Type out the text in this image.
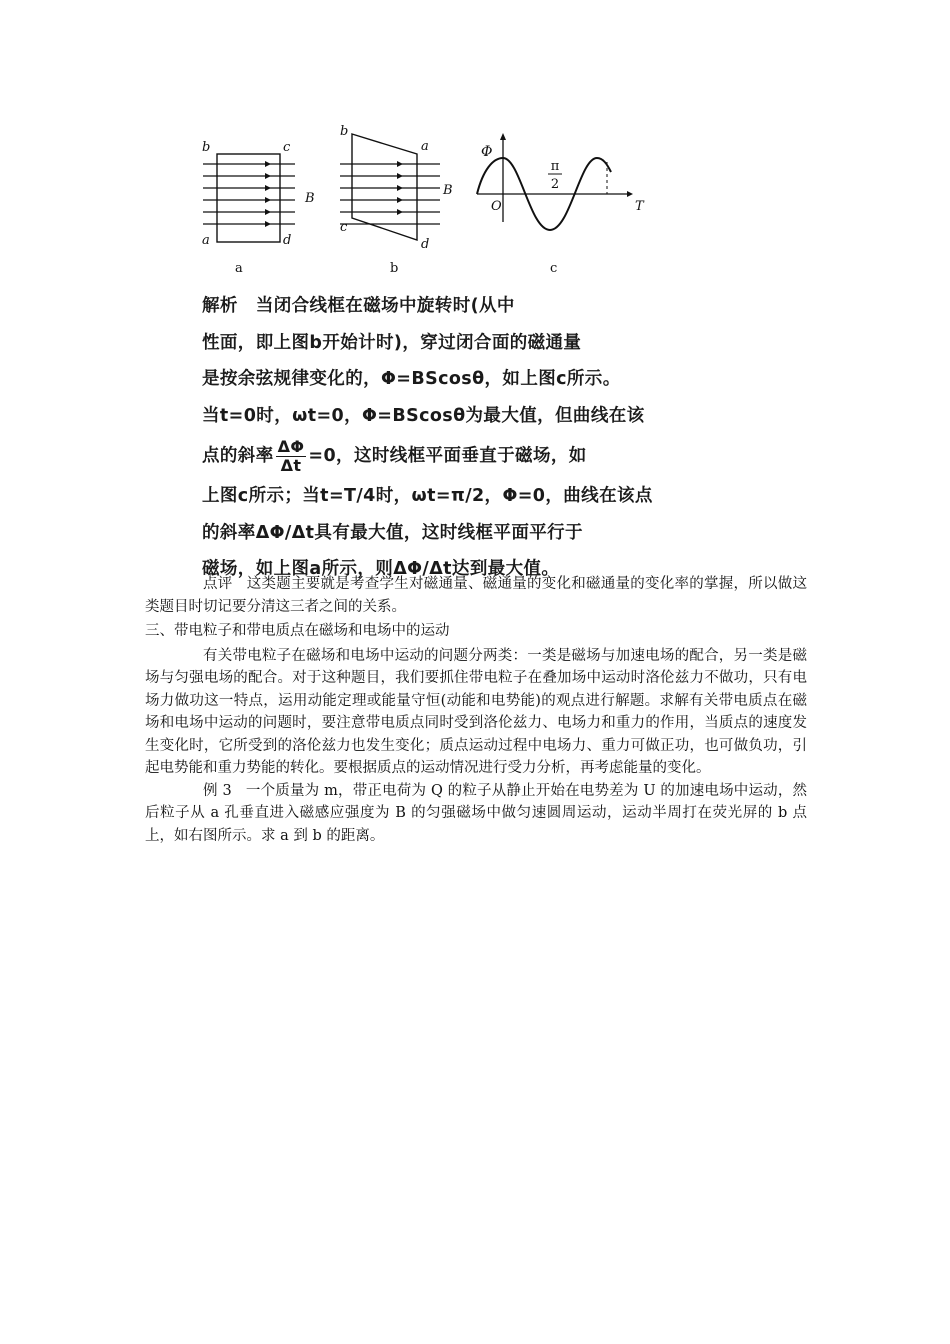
b	c
a	d
B
b
a
c
d
B
Φ
T
O
π
2
a	b	c

解析 当闭合线框在磁场中旋转时(从中

性面，即上图b开始计时)，穿过闭合面的磁通量

是按余弦规律变化的，Φ=BScosθ，如上图c所示。

当t=0时，ωt=0，Φ=BScosθ为最大值，但曲线在该

点的斜率 $\frac{\Delta\Phi}{\Delta t} =0$，这时线框平面垂直于磁场，如

上图c所示；当t=T/4时，ωt=π/2，Φ=0，曲线在该点

的斜率ΔΦ/Δt具有最大值，这时线框平面平行于

磁场，如上图a所示，则ΔΦ/Δt达到最大值。

点评 这类题主要就是考查学生对磁通量、磁通量的变化和磁通量的变化率的掌握，所以做这类题目时切记要分清这三者之间的关系。

三、带电粒子和带电质点在磁场和电场中的运动

有关带电粒子在磁场和电场中运动的问题分两类：一类是磁场与加速电场的配合，另一类是磁场与匀强电场的配合。对于这种题目，我们要抓住带电粒子在叠加场中运动时洛伦兹力不做功，只有电场力做功这一特点，运用动能定理或能量守恒(动能和电势能)的观点进行解题。求解有关带电质点在磁场和电场中运动的问题时，要注意带电质点同时受到洛伦兹力、电场力和重力的作用，当质点的速度发生变化时，它所受到的洛伦兹力也发生变化；质点运动过程中电场力、重力可做正功，也可做负功，引起电势能和重力势能的转化。要根据质点的运动情况进行受力分析，再考虑能量的变化。

例 3 一个质量为 m，带正电荷为 Q 的粒子从静止开始在电势差为 U 的加速电场中运动，然后粒子从 a 孔垂直进入磁感应强度为 B 的匀强磁场中做匀速圆周运动，运动半周打在荧光屏的 b 点上，如右图所示。求 a 到 b 的距离。
